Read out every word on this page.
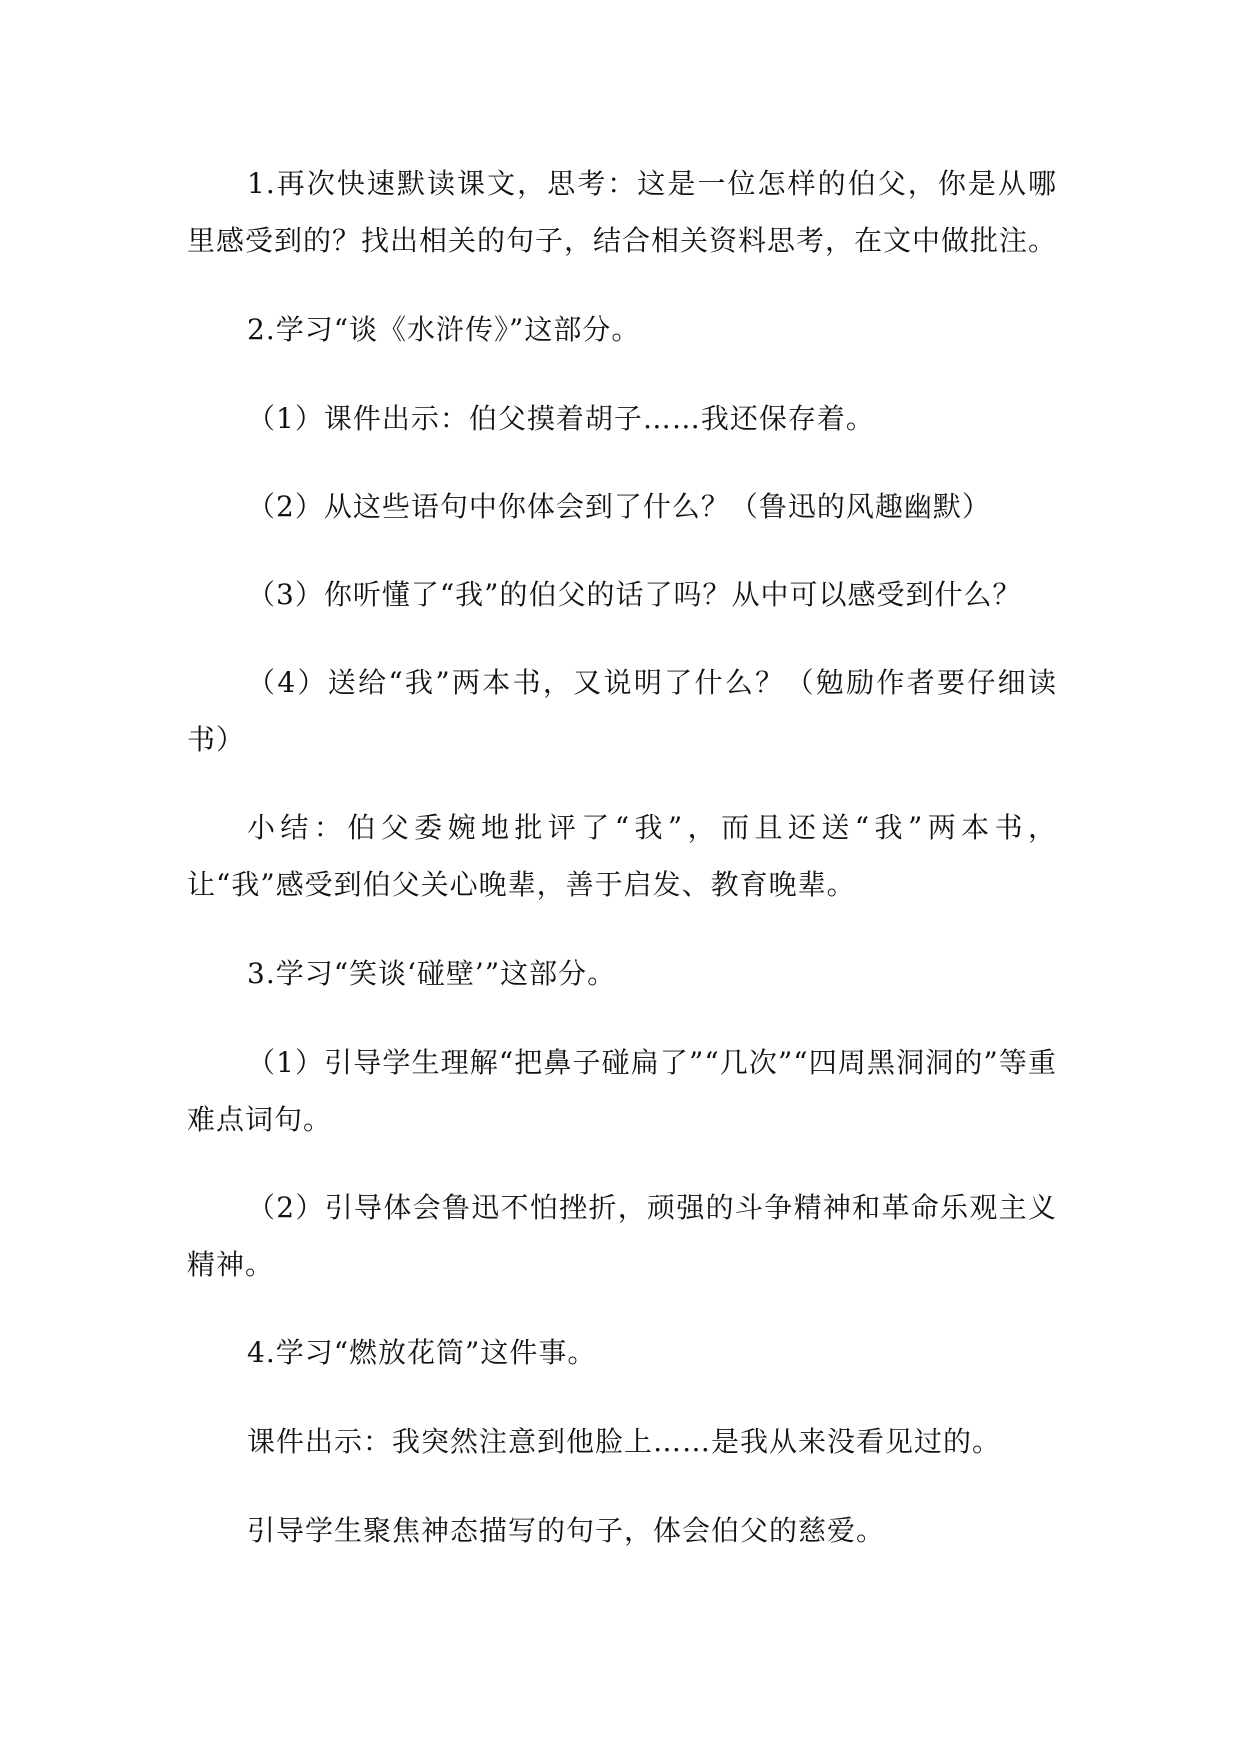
1.再次快速默读课文，思考：这是一位怎样的伯父，你是从哪里感受到的？找出相关的句子，结合相关资料思考，在文中做批注。

2.学习“谈《水浒传》”这部分。

（1）课件出示：伯父摸着胡子……我还保存着。

（2）从这些语句中你体会到了什么？（鲁迅的风趣幽默）

（3）你听懂了“我”的伯父的话了吗？从中可以感受到什么？

（4）送给“我”两本书，又说明了什么？（勉励作者要仔细读书）

小结：伯父委婉地批评了“我”，而且还送“我”两本书，让“我”感受到伯父关心晚辈，善于启发、教育晚辈。

3.学习“笑谈‘碰壁’”这部分。

（1）引导学生理解“把鼻子碰扁了”“几次”“四周黑洞洞的”等重难点词句。

（2）引导体会鲁迅不怕挫折，顽强的斗争精神和革命乐观主义精神。

4.学习“燃放花筒”这件事。

课件出示：我突然注意到他脸上……是我从来没看见过的。

引导学生聚焦神态描写的句子，体会伯父的慈爱。
